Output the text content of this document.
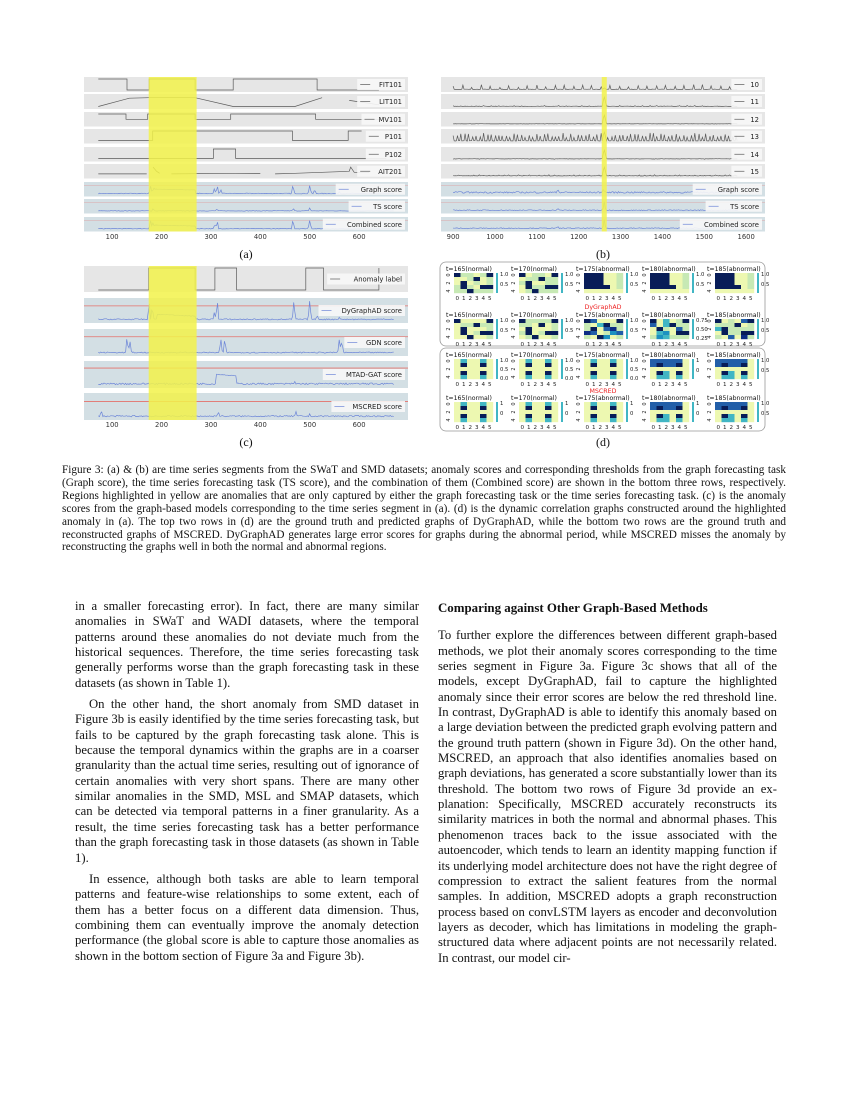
FIT101
LIT101
MV101
P101
P102
AIT201
Graph score
TS score
Combined score
100	200	300	400	500	600
10
11
12
13
14
15
Graph score
TS score
Combined score
900	1000	1100	1200	1300	1400	1500	1600
Anomaly label
DyGraphAD score
GDN score
MTAD-GAT score
MSCRED score
100	200	300	400	500	600
DyGraphAD
MSCRED
t=165(normal)
0
2
4
0 1 2 3 4 5
1.0
0.5
t=170(normal)
0
2
4
0 1 2 3 4 5
1.0
0.5
t=175(abnormal)
0
2
4
0 1 2 3 4 5
1.0
0.5
t=180(abnormal)
0
2
4
0 1 2 3 4 5
1.0
0.5
t=185(abnormal)
0
2
4
0 1 2 3 4 5
1.0
0.5
t=165(normal)
0
2
4
0 1 2 3 4 5
1.0
0.5
t=170(normal)
0
2
4
0 1 2 3 4 5
1.0
0.5
t=175(abnormal)
0
2
4
0 1 2 3 4 5
1.0
0.5
t=180(abnormal)
0
2
4
0 1 2 3 4 5
0.75
0.50
0.25
t=185(abnormal)
0
2
4
0 1 2 3 4 5
1.0
0.5
t=165(normal)
0
2
4
0 1 2 3 4 5
1.0
0.5
0.0
t=170(normal)
0
2
4
0 1 2 3 4 5
1.0
0.5
0.0
t=175(abnormal)
0
2
4
0 1 2 3 4 5
1.0
0.5
0.0
t=180(abnormal)
0
2
4
0 1 2 3 4 5
1
0
t=185(abnormal)
0
2
4
0 1 2 3 4 5
1.0
0.5
t=165(normal)
0
2
4
0 1 2 3 4 5
1
0
t=170(normal)
0
2
4
0 1 2 3 4 5
1
0
t=175(abnormal)
0
2
4
0 1 2 3 4 5
1
0
t=180(abnormal)
0
2
4
0 1 2 3 4 5
1
0
t=185(abnormal)
0
2
4
0 1 2 3 4 5
1.0
0.5
(a)	(b)
(c)	(d)
Figure 3: (a) & (b) are time series segments from the SWaT and SMD datasets; anomaly scores and corresponding thresholds from the graph forecasting task (Graph score), the time series forecasting task (TS score), and the combination of them (Combined score) are shown in the bottom three rows, respectively. Regions highlighted in yellow are anomalies that are only captured by either the graph forecasting task or the time series forecasting task. (c) is the anomaly scores from the graph-based models corresponding to the time series segment in (a). (d) is the dynamic correlation graphs constructed around the highlighted anomaly in (a). The top two rows in (d) are the ground truth and predicted graphs of DyGraphAD, while the bottom two rows are the ground truth and reconstructed graphs of MSCRED. DyGraphAD generates large error scores for graphs during the abnormal period, while MSCRED misses the anomaly by reconstructing the graphs well in both the normal and abnormal regions.

in a smaller forecasting error). In fact, there are many similar anomalies in SWaT and WADI datasets, where the temporal patterns around these anomalies do not deviate much from the historical sequences. Therefore, the time series forecasting task generally performs worse than the graph forecasting task in these datasets (as shown in Table 1).

On the other hand, the short anomaly from SMD dataset in Figure 3b is easily identified by the time series forecasting task, but fails to be captured by the graph forecasting task alone. This is because the temporal dynamics within the graphs are in a coarser granularity than the actual time series, resulting out of ignorance of certain anomalies with very short spans. There are many other similar anomalies in the SMD, MSL and SMAP datasets, which can be detected via temporal patterns in a finer granularity. As a result, the time series forecasting task has a better performance than the graph forecasting task in those datasets (as shown in Table 1).

In essence, although both tasks are able to learn temporal patterns and feature-wise relationships to some extent, each of them has a better focus on a different data dimension. Thus, combining them can eventually improve the anomaly detection performance (the global score is able to capture those anomalies as shown in the bottom section of Figure 3a and Figure 3b).

Comparing against Other Graph-Based Methods

To further explore the differences between different graph-based methods, we plot their anomaly scores corresponding to the time series segment in Figure 3a. Figure 3c shows that all of the models, except DyGraphAD, fail to capture the highlighted anomaly since their error scores are below the red threshold line. In contrast, DyGraphAD is able to identify this anomaly based on a large deviation between the predicted graph evolving pattern and the ground truth pattern (shown in Figure 3d). On the other hand, MSCRED, an approach that also identifies anomalies based on graph deviations, has generated a score substantially lower than its threshold. The bottom two rows of Figure 3d provide an explanation: Specifically, MSCRED accurately reconstructs its similarity matrices in both the normal and abnormal phases. This phenomenon traces back to the issue associated with the autoencoder, which tends to learn an identity mapping function if its underlying model architecture does not have the right degree of compression to extract the salient features from the normal samples. In addition, MSCRED adopts a graph reconstruction process based on convLSTM layers as encoder and deconvolution layers as decoder, which has limitations in modeling the graph-structured data where adjacent points are not necessarily related. In contrast, our model cir-
